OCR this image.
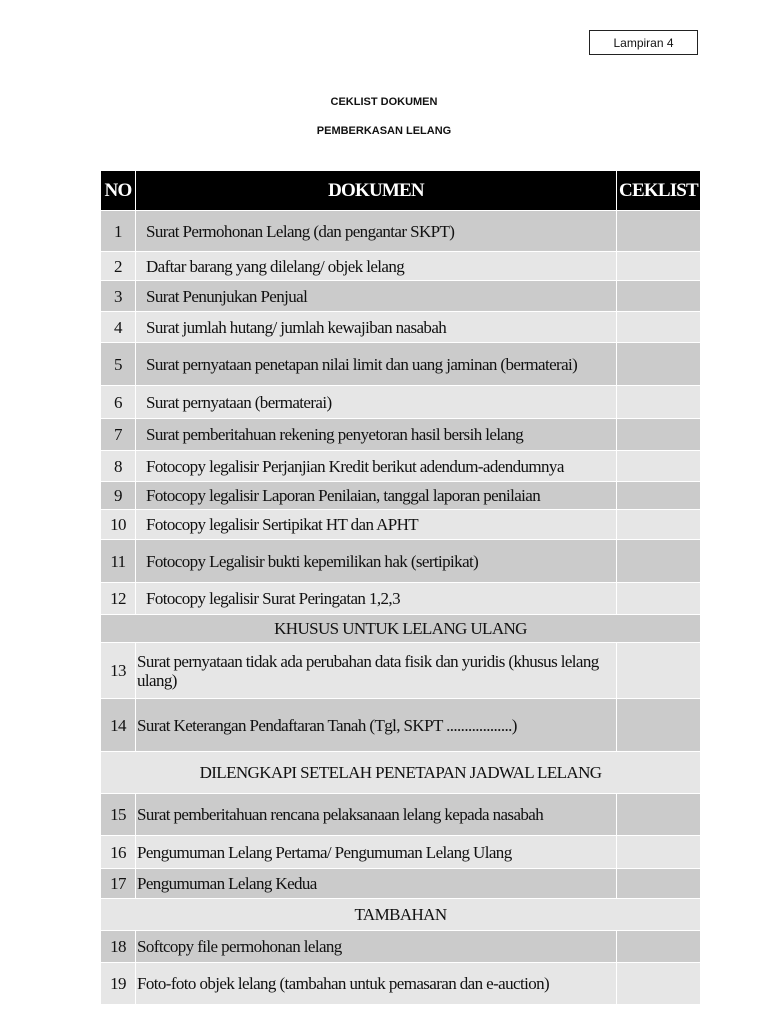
Lampiran 4
CEKLIST DOKUMEN
PEMBERKASAN LELANG
NO	DOKUMEN	CEKLIST
1	Surat Permohonan Lelang (dan pengantar SKPT)	
2	Daftar barang yang dilelang/ objek lelang	
3	Surat Penunjukan Penjual	
4	Surat jumlah hutang/ jumlah kewajiban nasabah	
5	Surat pernyataan penetapan nilai limit dan uang jaminan (bermaterai)	
6	Surat pernyataan (bermaterai)	
7	Surat pemberitahuan rekening penyetoran hasil bersih lelang	
8	Fotocopy legalisir Perjanjian Kredit berikut adendum-adendumnya	
9	Fotocopy legalisir Laporan Penilaian, tanggal laporan penilaian	
10	Fotocopy legalisir Sertipikat HT dan APHT	
11	Fotocopy Legalisir bukti kepemilikan hak (sertipikat)	
12	Fotocopy legalisir Surat Peringatan 1,2,3	
KHUSUS UNTUK LELANG ULANG		
13	Surat pernyataan tidak ada perubahan data fisik dan yuridis (khusus lelang ulang)	
14	Surat Keterangan Pendaftaran Tanah (Tgl, SKPT ..................)	
DILENGKAPI SETELAH PENETAPAN JADWAL LELANG		
15	Surat pemberitahuan rencana pelaksanaan lelang kepada nasabah	
16	Pengumuman Lelang Pertama/ Pengumuman Lelang Ulang	
17	Pengumuman Lelang Kedua	
TAMBAHAN		
18	Softcopy file permohonan lelang	
19	Foto-foto objek lelang (tambahan untuk pemasaran dan e-auction)	
